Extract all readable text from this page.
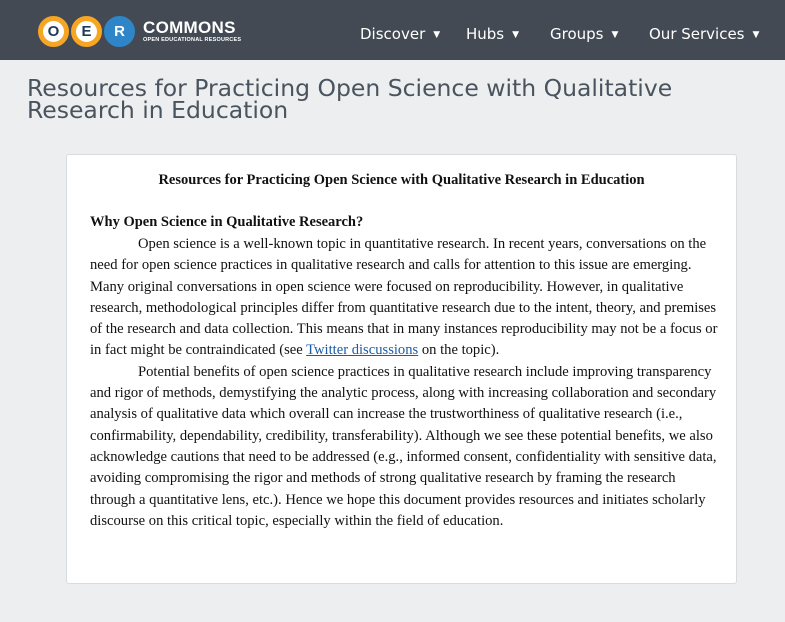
O	E	R	COMMONS
OPEN EDUCATIONAL RESOURCES	Discover ▼ Hubs ▼ Groups ▼ Our Services ▼
Resources for Practicing Open Science with Qualitative Research in Education
Resources for Practicing Open Science with Qualitative Research in Education
Why Open Science in Qualitative Research?

Open science is a well-known topic in quantitative research. In recent years, conversations on the need for open science practices in qualitative research and calls for attention to this issue are emerging. Many original conversations in open science were focused on reproducibility. However, in qualitative research, methodological principles differ from quantitative research due to the intent, theory, and premises of the research and data collection. This means that in many instances reproducibility may not be a focus or in fact might be contraindicated (see Twitter discussions on the topic).

Potential benefits of open science practices in qualitative research include improving transparency and rigor of methods, demystifying the analytic process, along with increasing collaboration and secondary analysis of qualitative data which overall can increase the trustworthiness of qualitative research (i.e., confirmability, dependability, credibility, transferability). Although we see these potential benefits, we also acknowledge cautions that need to be addressed (e.g., informed consent, confidentiality with sensitive data, avoiding compromising the rigor and methods of strong qualitative research by framing the research through a quantitative lens, etc.). Hence we hope this document provides resources and initiates scholarly discourse on this critical topic, especially within the field of education.
